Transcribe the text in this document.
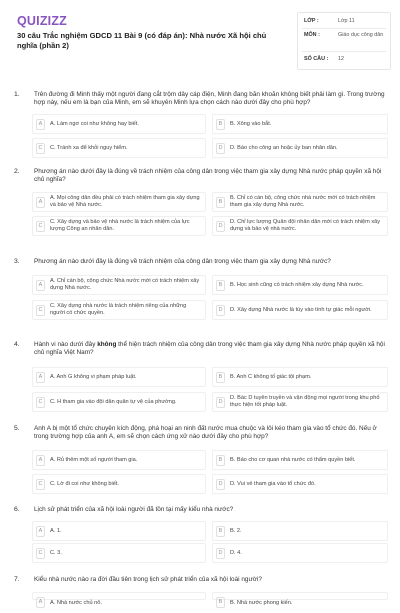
QUIZIZZ
30 câu Trắc nghiệm GDCD 11 Bài 9 (có đáp án): Nhà nước Xã hội chủ nghĩa (phần 2)
LỚP :	Lớp 11
MÔN :	Giáo dục công dân
SỐ CÂU : 12
1. Trên đường đi Minh thấy một người đang cắt trộm dây cáp điện, Minh đang băn khoăn không biết phải làm gì. Trong trường hợp này, nếu em là bạn của Minh, em sẽ khuyên Minh lựa chọn cách nào dưới đây cho phù hợp?
A	A. Làm ngơ coi như không hay biết.	B	B. Xông vào bắt.
C	C. Tránh xa để khỏi nguy hiểm.	D	D. Báo cho công an hoặc ủy ban nhân dân.
2. Phương án nào dưới đây là đúng về trách nhiệm của công dân trong việc tham gia xây dựng Nhà nước pháp quyền xã hội chủ nghĩa?
A
A. Mọi công dân đều phải có trách nhiệm tham gia xây dựng và bảo vệ Nhà nước.	B
B. Chỉ có cán bộ, công chức nhà nước mới có trách nhiệm tham gia xây dựng Nhà nước.
C
C. Xây dựng và bảo vệ nhà nước là trách nhiệm của lực lượng Công an nhân dân.	D
D. Chỉ lực lượng Quân đội nhân dân mới có trách nhiệm xây dựng và bảo vệ nhà nước.
3. Phương án nào dưới đây là đúng về trách nhiệm của công dân trong việc tham gia xây dựng Nhà nước?
A
A. Chỉ cán bộ, công chức Nhà nước mới có trách nhiệm xây dựng Nhà nước.	B	B. Học sinh cũng có trách nhiệm xây dựng Nhà nước.
C
C. Xây dựng nhà nước là trách nhiệm riêng của những người có chức quyền.	D	D. Xây dựng Nhà nước là tùy vào tính tự giác mỗi người.
4. Hành vi nào dưới đây không thể hiện trách nhiệm của công dân trong việc tham gia xây dựng Nhà nước pháp quyền xã hội chủ nghĩa Việt Nam?
A	A. Anh G không vi phạm pháp luật.	B	B. Anh C không tố giác tội phạm.
C	C. H tham gia vào đội dân quân tự vệ của phường.	D
D. Bác D tuyên truyền và vận động mọi người trong khu phố thực hiện tốt pháp luật.
5. Anh A bị một tổ chức chuyên kích động, phá hoại an ninh đất nước mua chuộc và lôi kéo tham gia vào tổ chức đó. Nếu ở trong trường hợp của anh A, em sẽ chọn cách ứng xử nào dưới đây cho phù hợp?
A	A. Rủ thêm một số người tham gia.	B	B. Báo cho cơ quan nhà nước có thẩm quyền biết.
C	C. Lờ đi coi như không biết.	D	D. Vui vẻ tham gia vào tổ chức đó.
6. Lịch sử phát triển của xã hội loài người đã tồn tại mấy kiểu nhà nước?
A	A. 1.	B	B. 2.
C	C. 3.	D	D. 4.
7. Kiểu nhà nước nào ra đời đầu tiên trong lịch sử phát triển của xã hội loài người?
A	A. Nhà nước chủ nô.	B	B. Nhà nước phong kiến.
